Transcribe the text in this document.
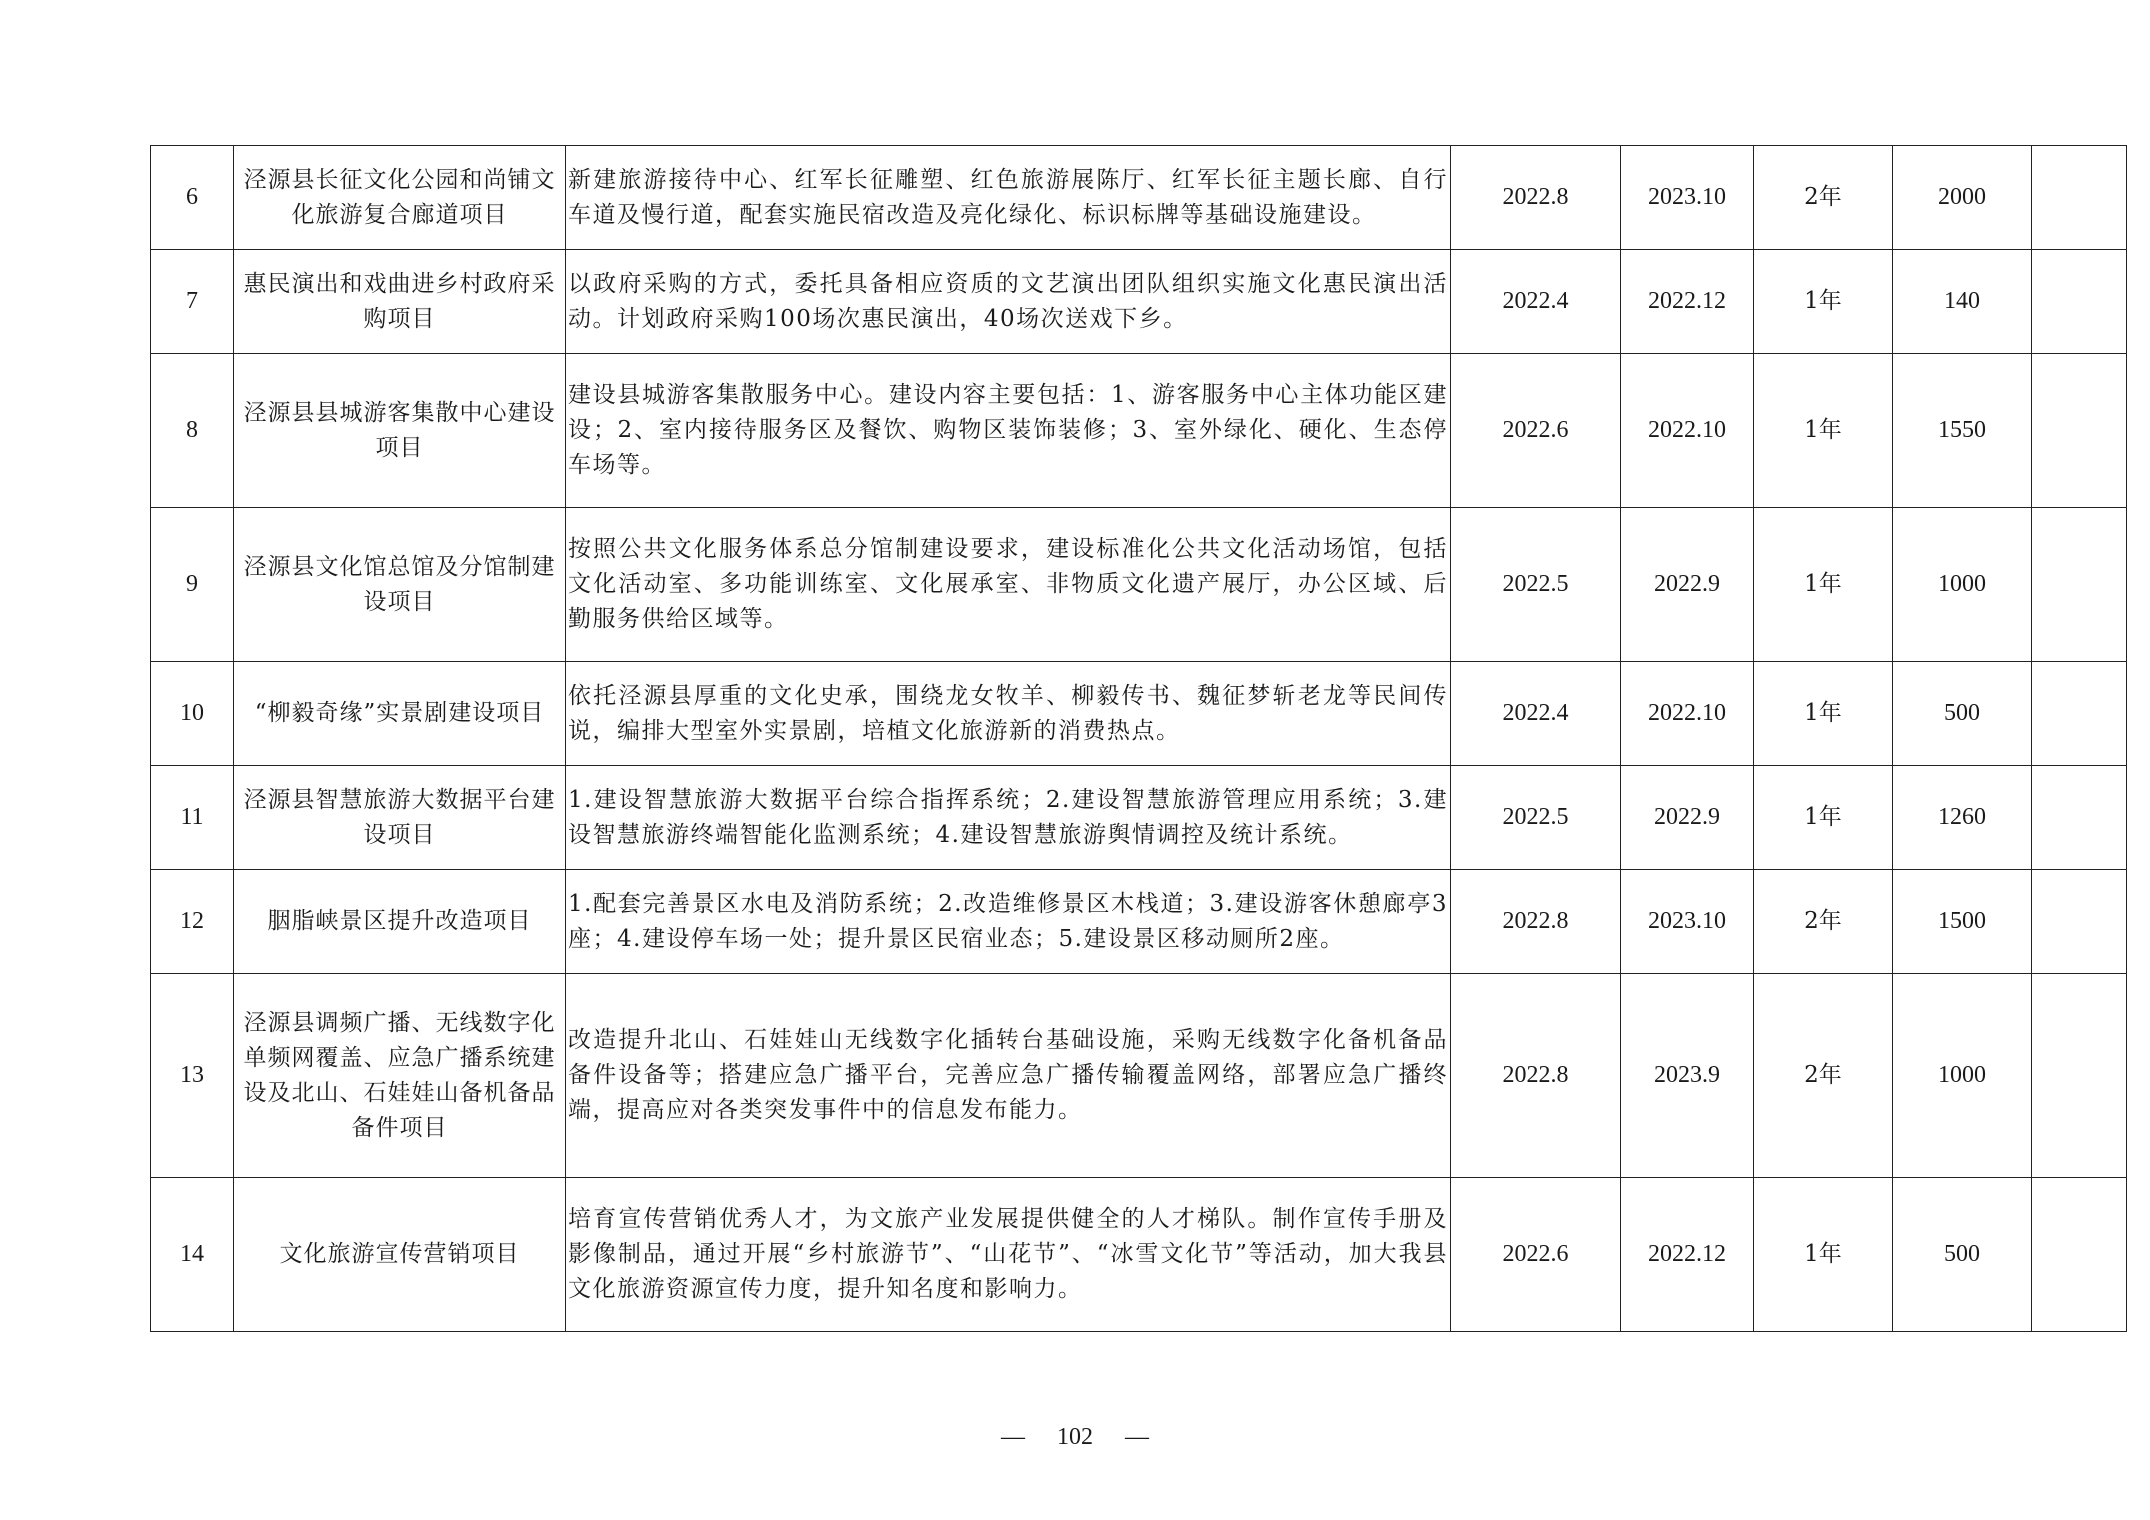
6	泾源县长征文化公园和尚铺文化旅游复合廊道项目	新建旅游接待中心、红军长征雕塑、红色旅游展陈厅、红军长征主题长廊、自行车道及慢行道，配套实施民宿改造及亮化绿化、标识标牌等基础设施建设。	2022.8	2023.10	2年	2000	
7	惠民演出和戏曲进乡村政府采购项目	以政府采购的方式，委托具备相应资质的文艺演出团队组织实施文化惠民演出活动。计划政府采购100场次惠民演出，40场次送戏下乡。	2022.4	2022.12	1年	140	
8	泾源县县城游客集散中心建设项目	建设县城游客集散服务中心。建设内容主要包括：1、游客服务中心主体功能区建设；2、室内接待服务区及餐饮、购物区装饰装修；3、室外绿化、硬化、生态停车场等。	2022.6	2022.10	1年	1550	
9	泾源县文化馆总馆及分馆制建设项目	按照公共文化服务体系总分馆制建设要求，建设标准化公共文化活动场馆，包括文化活动室、多功能训练室、文化展承室、非物质文化遗产展厅，办公区域、后勤服务供给区域等。	2022.5	2022.9	1年	1000	
10	“柳毅奇缘”实景剧建设项目	依托泾源县厚重的文化史承，围绕龙女牧羊、柳毅传书、魏征梦斩老龙等民间传说，编排大型室外实景剧，培植文化旅游新的消费热点。	2022.4	2022.10	1年	500	
11	泾源县智慧旅游大数据平台建设项目	1.建设智慧旅游大数据平台综合指挥系统；2.建设智慧旅游管理应用系统；3.建设智慧旅游终端智能化监测系统；4.建设智慧旅游舆情调控及统计系统。	2022.5	2022.9	1年	1260	
12	胭脂峡景区提升改造项目	1.配套完善景区水电及消防系统；2.改造维修景区木栈道；3.建设游客休憩廊亭3座；4.建设停车场一处；提升景区民宿业态；5.建设景区移动厕所2座。	2022.8	2023.10	2年	1500	
13	泾源县调频广播、无线数字化单频网覆盖、应急广播系统建设及北山、石娃娃山备机备品备件项目	改造提升北山、石娃娃山无线数字化插转台基础设施，采购无线数字化备机备品备件设备等；搭建应急广播平台，完善应急广播传输覆盖网络，部署应急广播终端，提高应对各类突发事件中的信息发布能力。	2022.8	2023.9	2年	1000	
14	文化旅游宣传营销项目	培育宣传营销优秀人才，为文旅产业发展提供健全的人才梯队。制作宣传手册及影像制品，通过开展“乡村旅游节”、“山花节”、“冰雪文化节”等活动，加大我县文化旅游资源宣传力度，提升知名度和影响力。	2022.6	2022.12	1年	500	
— 102 —
